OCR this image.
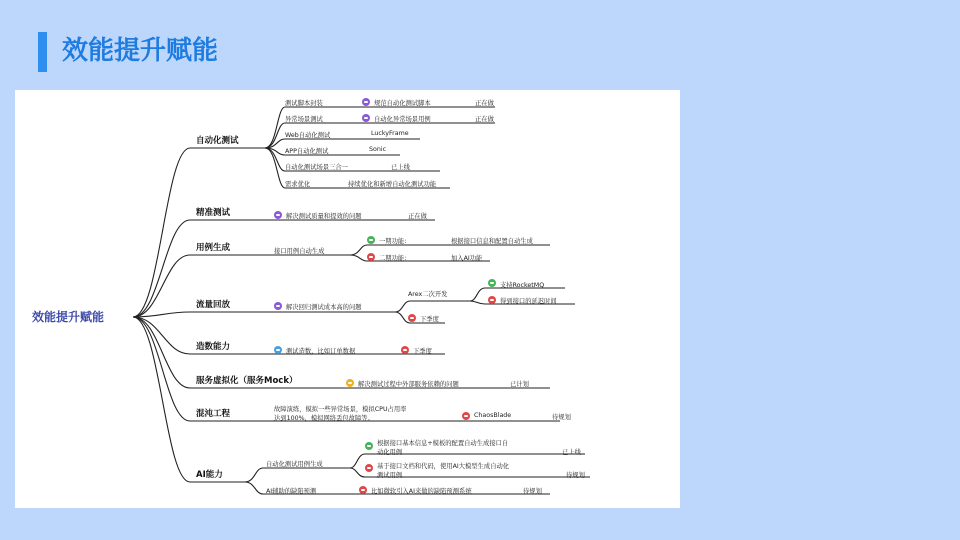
效能提升赋能
效能提升赋能
自动化测试
测试脚本封装	规范自动化测试脚本	正在做
异常场景测试	自动化异常场景用例	正在做
Web自动化测试	LuckyFrame
APP自动化测试	Sonic
自动化测试场景三合一	已上线
需求优化	持续优化和新增自动化测试功能
精准测试	解决测试质量和提效的问题	正在做
用例生成	接口用例自动生成
一期功能:	根据接口信息和配置自动生成
二期功能:	加入AI功能
流量回放	解决回归测试成本高的问题
Arex二次开发
支持RocketMQ
得到接口的延迟时间
下季度
造数能力	测试造数，比如订单数据	下季度
服务虚拟化（服务Mock）	解决测试过程中外部服务依赖的问题	已计划
混沌工程	故障演练，模拟一些异常场景，模拟CPU占用率
达到100%，模拟网络丢包故障等。	ChaosBlade	待规划
AI能力
自动化测试用例生成
根据接口基本信息+模板的配置自动生成接口自
动化用例	已上线
基于接口文档和代码，使用AI大模型生成自动化
测试用例	待规划
AI辅助的缺陷预测	比如微软引入AI来做的缺陷预测系统	待规划
